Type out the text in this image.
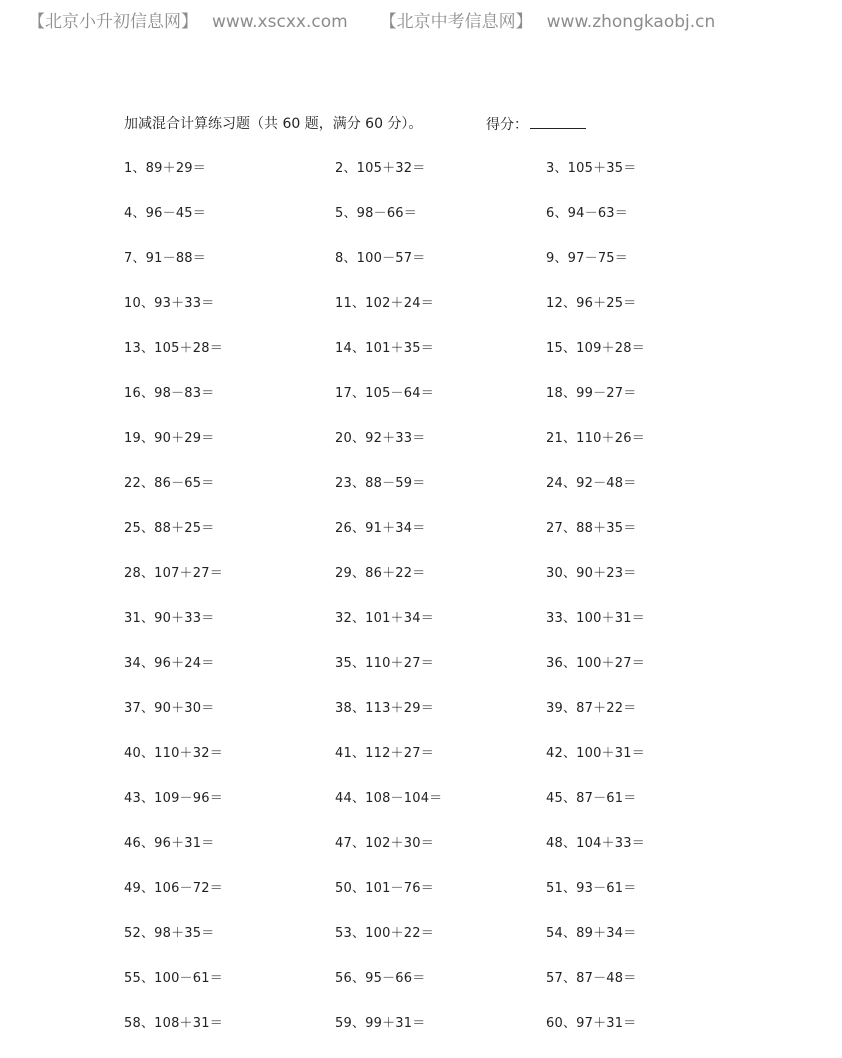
【北京小升初信息网】 www.xscxx.com 【北京中考信息网】 www.zhongkaobj.cn
加减混合计算练习题（共 60 题，满分 60 分）。	得分：
1、89＋29＝	2、105＋32＝	3、105＋35＝
4、96－45＝	5、98－66＝	6、94－63＝
7、91－88＝	8、100－57＝	9、97－75＝
10、93＋33＝	11、102＋24＝	12、96＋25＝
13、105＋28＝	14、101＋35＝	15、109＋28＝
16、98－83＝	17、105－64＝	18、99－27＝
19、90＋29＝	20、92＋33＝	21、110＋26＝
22、86－65＝	23、88－59＝	24、92－48＝
25、88＋25＝	26、91＋34＝	27、88＋35＝
28、107＋27＝	29、86＋22＝	30、90＋23＝
31、90＋33＝	32、101＋34＝	33、100＋31＝
34、96＋24＝	35、110＋27＝	36、100＋27＝
37、90＋30＝	38、113＋29＝	39、87＋22＝
40、110＋32＝	41、112＋27＝	42、100＋31＝
43、109－96＝	44、108－104＝	45、87－61＝
46、96＋31＝	47、102＋30＝	48、104＋33＝
49、106－72＝	50、101－76＝	51、93－61＝
52、98＋35＝	53、100＋22＝	54、89＋34＝
55、100－61＝	56、95－66＝	57、87－48＝
58、108＋31＝	59、99＋31＝	60、97＋31＝
